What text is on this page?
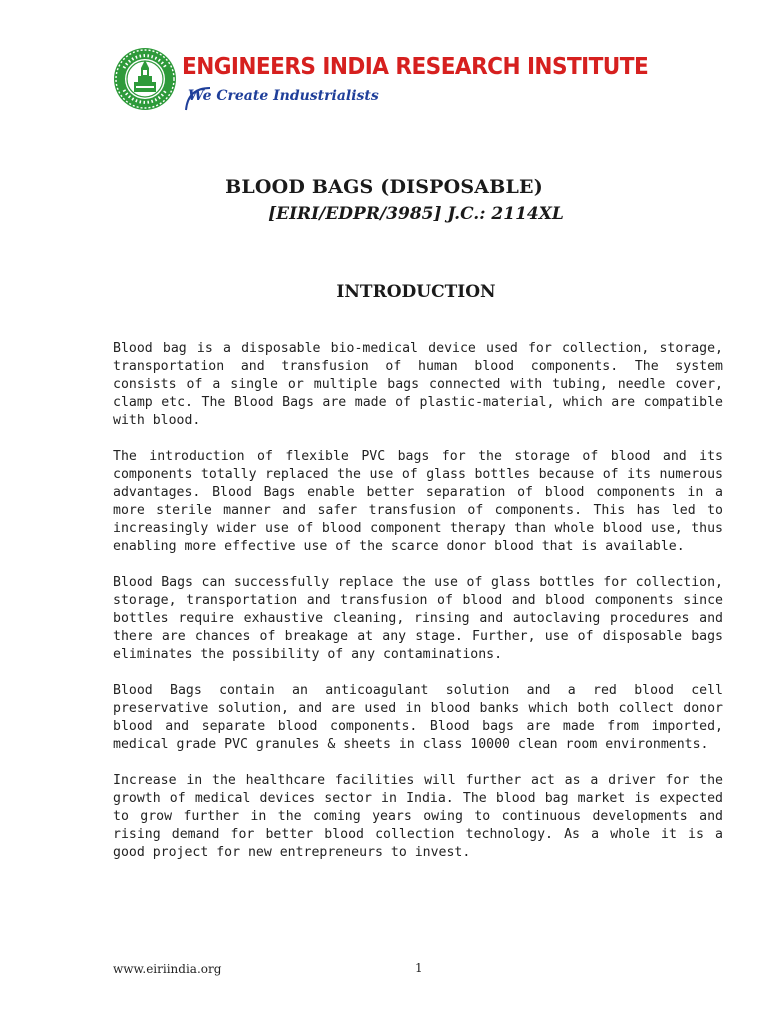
ENGINEERS INDIA RESEARCH INSTITUTE

We Create Industrialists

BLOOD BAGS (DISPOSABLE)

[EIRI/EDPR/3985] J.C.: 2114XL

INTRODUCTION

Blood bag is a disposable bio-medical device used for collection, storage, transportation and transfusion of human blood components. The system consists of a single or multiple bags connected with tubing, needle cover, clamp etc. The Blood Bags are made of plastic-material, which are compatible with blood.

The introduction of flexible PVC bags for the storage of blood and its components totally replaced the use of glass bottles because of its numerous advantages. Blood Bags enable better separation of blood components in a more sterile manner and safer transfusion of components. This has led to increasingly wider use of blood component therapy than whole blood use, thus enabling more effective use of the scarce donor blood that is available.

Blood Bags can successfully replace the use of glass bottles for collection, storage, transportation and transfusion of blood and blood components since bottles require exhaustive cleaning, rinsing and autoclaving procedures and there are chances of breakage at any stage. Further, use of disposable bags eliminates the possibility of any contaminations.

Blood Bags contain an anticoagulant solution and a red blood cell preservative solution, and are used in blood banks which both collect donor blood and separate blood components. Blood bags are made from imported, medical grade PVC granules & sheets in class 10000 clean room environments.

Increase in the healthcare facilities will further act as a driver for the growth of medical devices sector in India. The blood bag market is expected to grow further in the coming years owing to continuous developments and rising demand for better blood collection technology. As a whole it is a good project for new entrepreneurs to invest.

www.eiriindia.org	1
